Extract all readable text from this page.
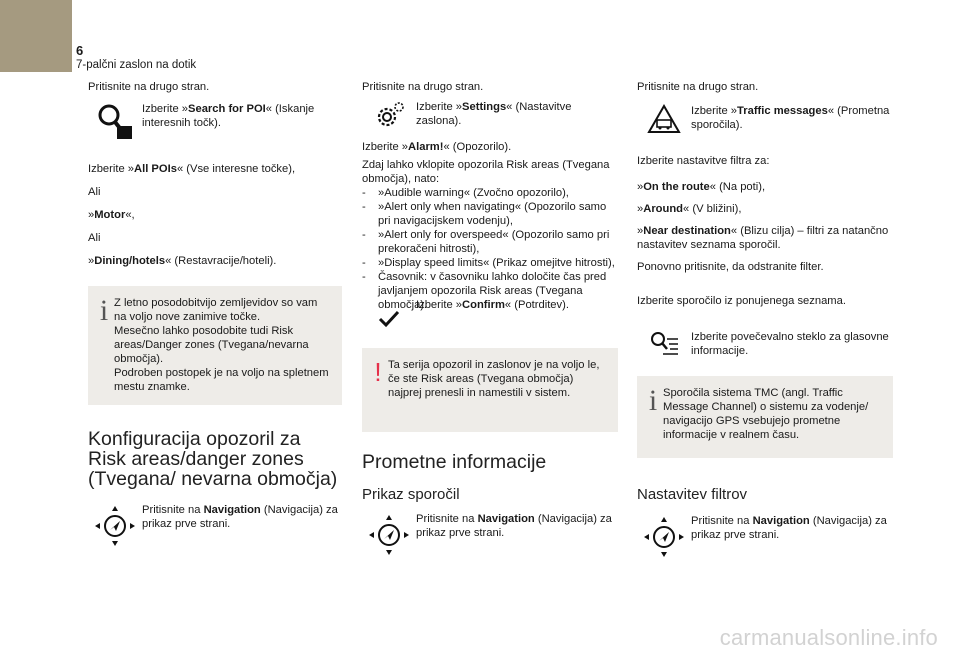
6
7-palčni zaslon na dotik

Pritisnite na drugo stran.

Izberite »Search for POI« (Iskanje interesnih točk).

Izberite »All POIs« (Vse interesne točke),

Ali

»Motor«,

Ali

»Dining/hotels« (Restavracije/hoteli).

i Z letno posodobitvijo zemljevidov so vam na voljo nove zanimive točke.

Mesečno lahko posodobite tudi Risk areas/Danger zones (Tvegana/nevarna območja).

Podroben postopek je na voljo na spletnem mestu znamke.

Konfiguracija opozoril za Risk areas/danger zones (Tvegana/ nevarna območja)
Pritisnite na Navigation (Navigacija) za prikaz prve strani.

Pritisnite na drugo stran.

Izberite »Settings« (Nastavitve zaslona).

Izberite »Alarm!« (Opozorilo).

Zdaj lahko vklopite opozorila Risk areas (Tvegana območja), nato:

-	»Audible warning« (Zvočno opozorilo),
-	»Alert only when navigating« (Opozorilo samo pri navigacijskem vodenju),
-	»Alert only for overspeed« (Opozorilo samo pri prekoračeni hitrosti),
-	»Display speed limits« (Prikaz omejitve hitrosti),
-	Časovnik: v časovniku lahko določite čas pred javljanjem opozorila Risk areas (Tvegana območja).
Izberite »Confirm« (Potrditev).
! Ta serija opozoril in zaslonov je na voljo le, če ste Risk areas (Tvegana območja) najprej prenesli in namestili v sistem.
Prometne informacije
Prikaz sporočil
Pritisnite na Navigation (Navigacija) za prikaz prve strani.

Pritisnite na drugo stran.

Izberite »Traffic messages« (Prometna sporočila).

Izberite nastavitve filtra za:

»On the route« (Na poti),

»Around« (V bližini),

»Near destination« (Blizu cilja) – filtri za natančno nastavitev seznama sporočil.

Ponovno pritisnite, da odstranite filter.

Izberite sporočilo iz ponujenega seznama.

Izberite povečevalno steklo za glasovne informacije.
i Sporočila sistema TMC (angl. Traffic Message Channel) o sistemu za vodenje/ navigacijo GPS vsebujejo prometne informacije v realnem času.
Nastavitev filtrov
Pritisnite na Navigation (Navigacija) za prikaz prve strani.
carmanualsonline.info
